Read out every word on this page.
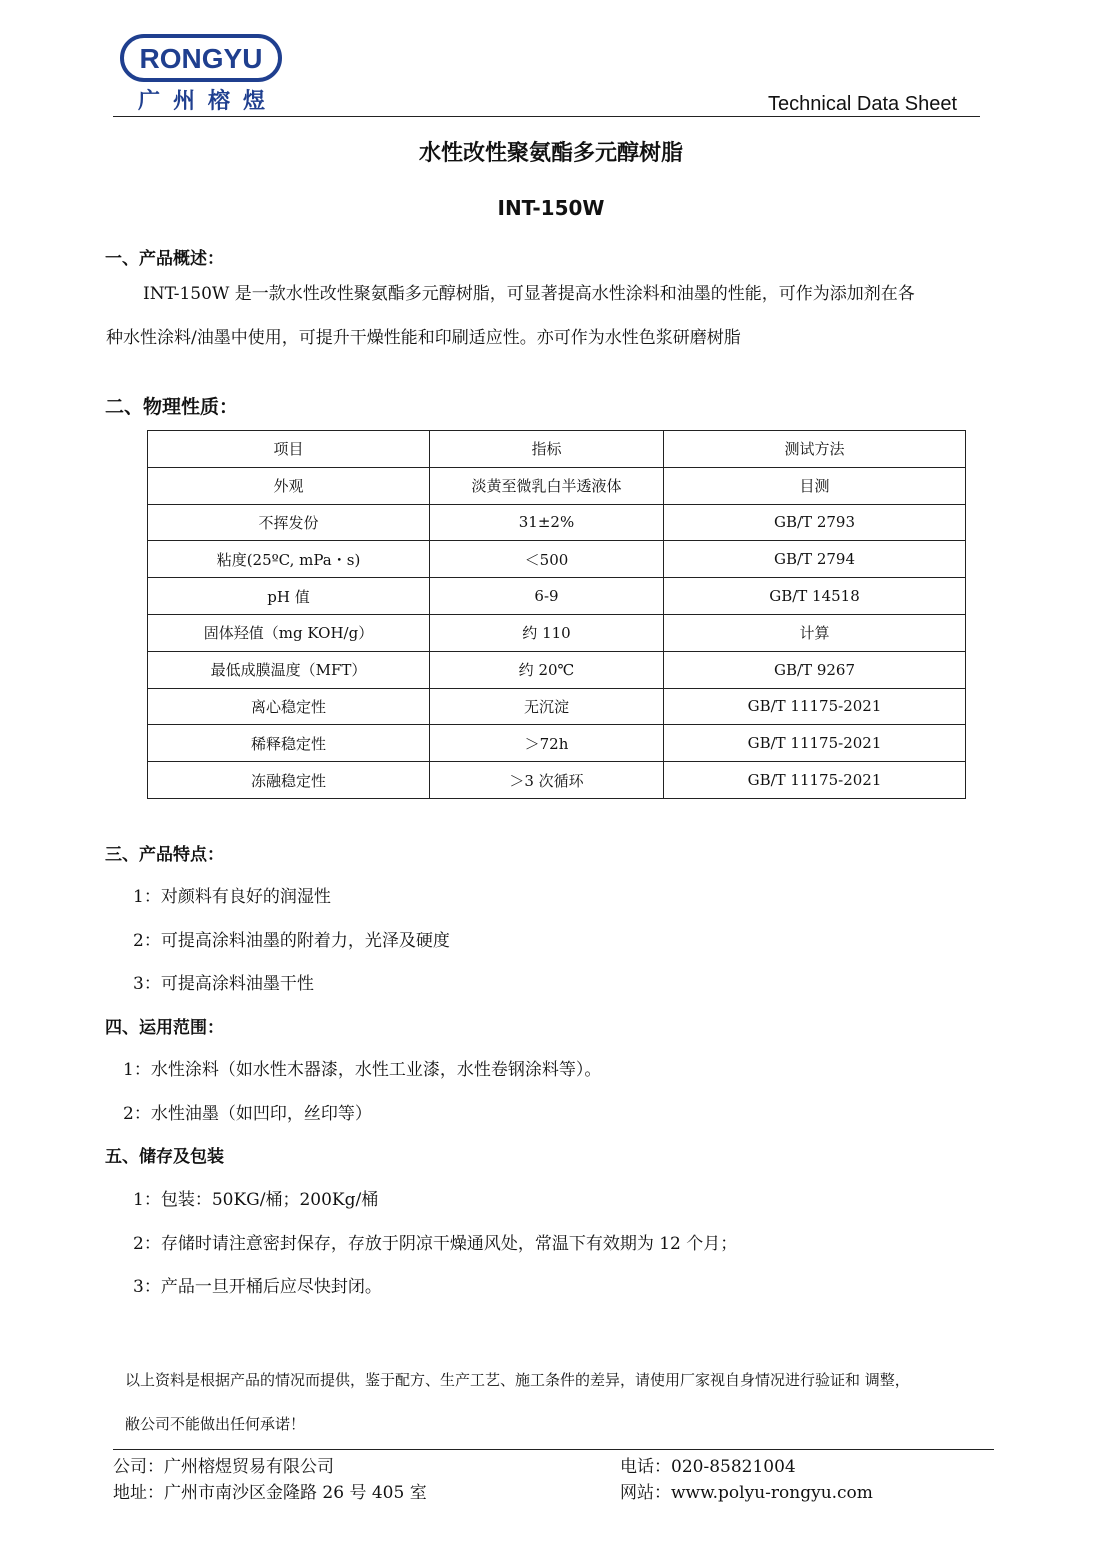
RONGYU
广州榕煜	Technical Data Sheet
水性改性聚氨酯多元醇树脂
INT-150W
一、产品概述：
INT-150W 是一款水性改性聚氨酯多元醇树脂，可显著提高水性涂料和油墨的性能，可作为添加剂在各
种水性涂料/油墨中使用，可提升干燥性能和印刷适应性。亦可作为水性色浆研磨树脂
二、物理性质：
项目	指标	测试方法
外观	淡黄至微乳白半透液体	目测
不挥发份	31±2%	GB/T 2793
粘度(25ºC, mPa・s)	＜500	GB/T 2794
pH 值	6-9	GB/T 14518
固体羟值（mg KOH/g）	约 110	计算
最低成膜温度（MFT）	约 20℃	GB/T 9267
离心稳定性	无沉淀	GB/T 11175-2021
稀释稳定性	＞72h	GB/T 11175-2021
冻融稳定性	＞3 次循环	GB/T 11175-2021
三、产品特点：
1：对颜料有良好的润湿性
2：可提高涂料油墨的附着力，光泽及硬度
3：可提高涂料油墨干性
四、运用范围：
1：水性涂料（如水性木器漆，水性工业漆，水性卷钢涂料等）。
2：水性油墨（如凹印，丝印等）
五、储存及包装
1：包装：50KG/桶；200Kg/桶
2：存储时请注意密封保存，存放于阴凉干燥通风处，常温下有效期为 12 个月；
3：产品一旦开桶后应尽快封闭。
以上资料是根据产品的情况而提供，鉴于配方、生产工艺、施工条件的差异，请使用厂家视自身情况进行验证和 调整，
敝公司不能做出任何承诺！
公司：广州榕煜贸易有限公司
地址：广州市南沙区金隆路 26 号 405 室
电话：020-85821004
网站：www.polyu-rongyu.com
